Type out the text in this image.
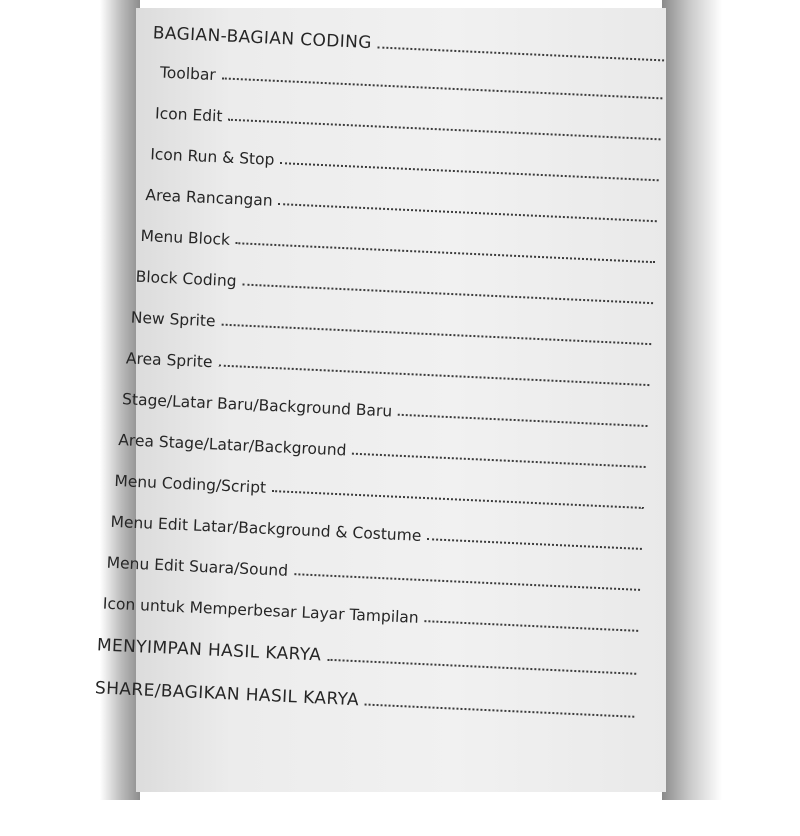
BAGIAN-BAGIAN CODING
Toolbar
Icon Edit
Icon Run & Stop
Area Rancangan
Menu Block
Block Coding
New Sprite
Area Sprite
Stage/Latar Baru/Background Baru
Area Stage/Latar/Background
Menu Coding/Script
Menu Edit Latar/Background & Costume
Menu Edit Suara/Sound
Icon untuk Memperbesar Layar Tampilan
MENYIMPAN HASIL KARYA
SHARE/BAGIKAN HASIL KARYA
